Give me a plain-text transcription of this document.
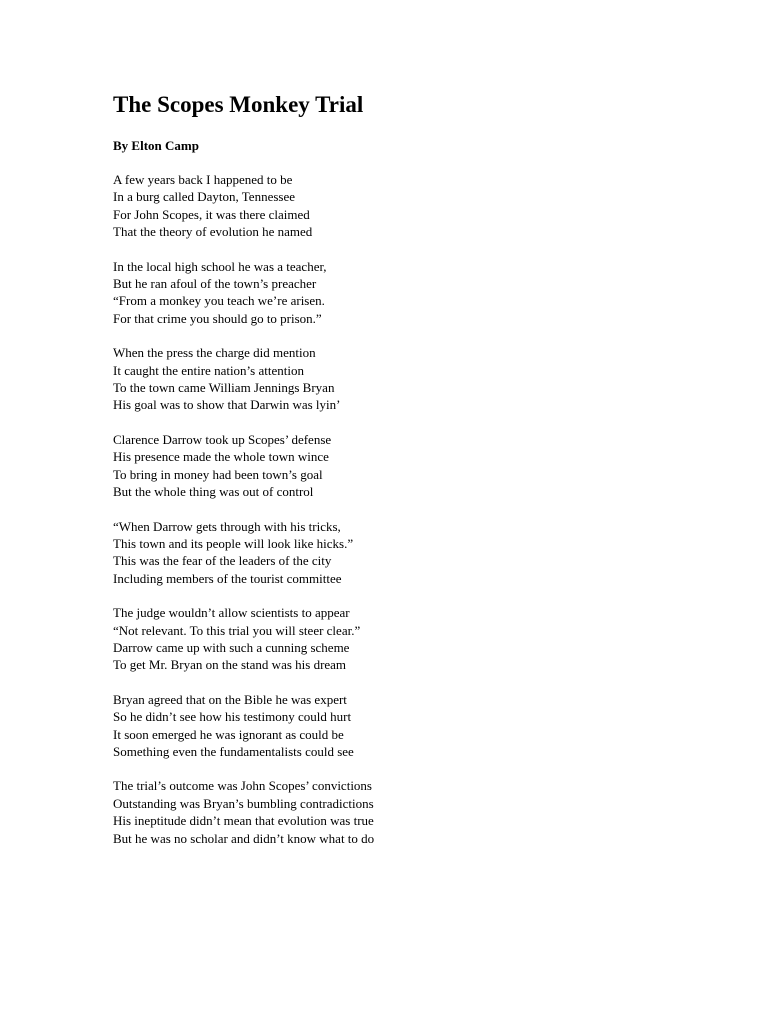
The Scopes Monkey Trial
By Elton Camp
A few years back I happened to be
In a burg called Dayton, Tennessee
For John Scopes, it was there claimed
That the theory of evolution he named
In the local high school he was a teacher,
But he ran afoul of the town’s preacher
“From a monkey you teach we’re arisen.
For that crime you should go to prison.”
When the press the charge did mention
It caught the entire nation’s attention
To the town came William Jennings Bryan
His goal was to show that Darwin was lyin’
Clarence Darrow took up Scopes’ defense
His presence made the whole town wince
To bring in money had been town’s goal
But the whole thing was out of control
“When Darrow gets through with his tricks,
This town and its people will look like hicks.”
This was the fear of the leaders of the city
Including members of the tourist committee
The judge wouldn’t allow scientists to appear
“Not relevant. To this trial you will steer clear.”
Darrow came up with such a cunning scheme
To get Mr. Bryan on the stand was his dream
Bryan agreed that on the Bible he was expert
So he didn’t see how his testimony could hurt
It soon emerged he was ignorant as could be
Something even the fundamentalists could see
The trial’s outcome was John Scopes’ convictions
Outstanding was Bryan’s bumbling contradictions
His ineptitude didn’t mean that evolution was true
But he was no scholar and didn’t know what to do
